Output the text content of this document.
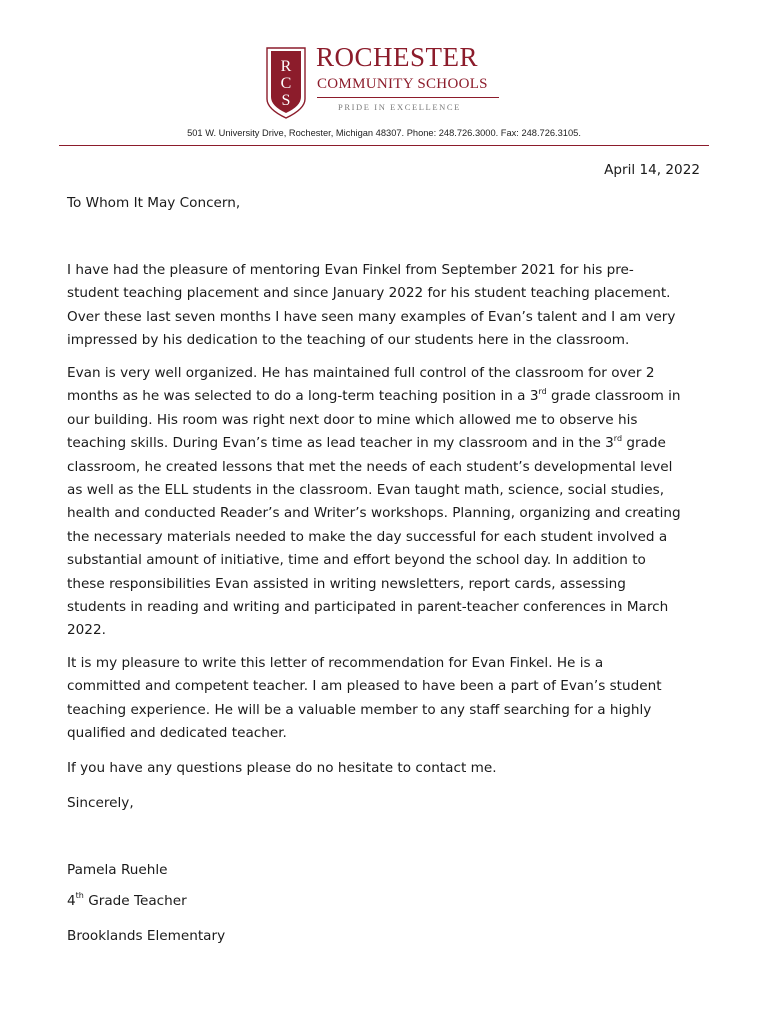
R
C
S
ROCHESTER
COMMUNITY SCHOOLS
PRIDE IN EXCELLENCE
501 W. University Drive, Rochester, Michigan 48307. Phone: 248.726.3000. Fax: 248.726.3105.
April 14, 2022
To Whom It May Concern,

I have had the pleasure of mentoring Evan Finkel from September 2021 for his pre-
student teaching placement and since January 2022 for his student teaching placement.
Over these last seven months I have seen many examples of Evan’s talent and I am very
impressed by his dedication to the teaching of our students here in the classroom.

Evan is very well organized. He has maintained full control of the classroom for over 2
months as he was selected to do a long-term teaching position in a 3rd grade classroom in
our building. His room was right next door to mine which allowed me to observe his
teaching skills. During Evan’s time as lead teacher in my classroom and in the 3rd grade
classroom, he created lessons that met the needs of each student’s developmental level
as well as the ELL students in the classroom. Evan taught math, science, social studies,
health and conducted Reader’s and Writer’s workshops. Planning, organizing and creating
the necessary materials needed to make the day successful for each student involved a
substantial amount of initiative, time and effort beyond the school day. In addition to
these responsibilities Evan assisted in writing newsletters, report cards, assessing
students in reading and writing and participated in parent-teacher conferences in March
2022.

It is my pleasure to write this letter of recommendation for Evan Finkel. He is a
committed and competent teacher. I am pleased to have been a part of Evan’s student
teaching experience. He will be a valuable member to any staff searching for a highly
qualified and dedicated teacher.

If you have any questions please do no hesitate to contact me.

Sincerely,
Pamela Ruehle
4th Grade Teacher
Brooklands Elementary
